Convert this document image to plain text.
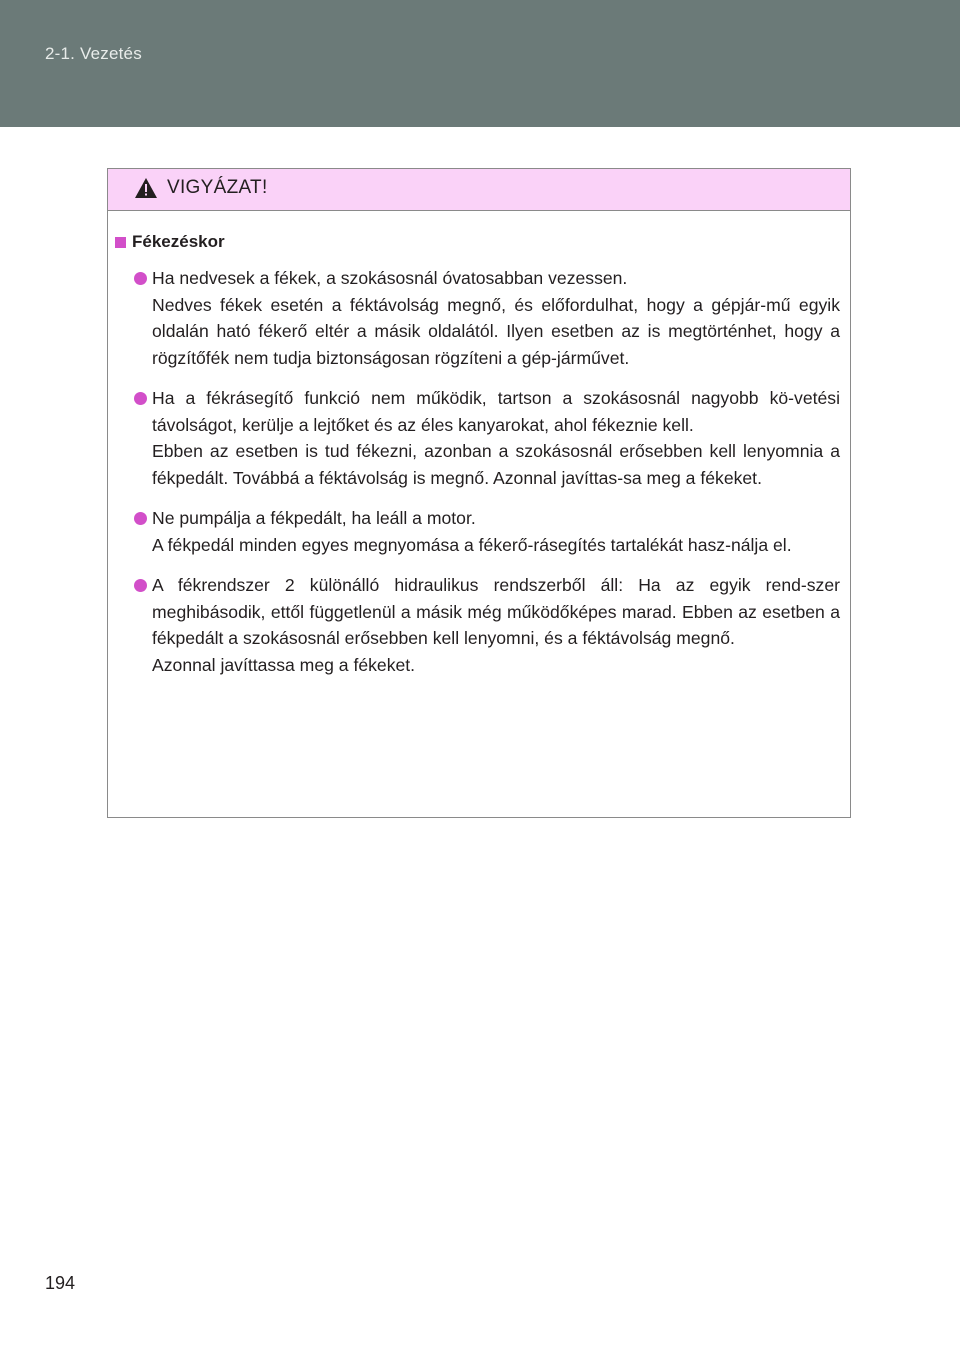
2-1. Vezetés
VIGYÁZAT!
Fékezéskor

Ha nedvesek a fékek, a szokásosnál óvatosabban vezessen.

Nedves fékek esetén a féktávolság megnő, és előfordulhat, hogy a gépjár-mű egyik oldalán ható fékerő eltér a másik oldalától. Ilyen esetben az is megtörténhet, hogy a rögzítőfék nem tudja biztonságosan rögzíteni a gép-járművet.

Ha a fékrásegítő funkció nem működik, tartson a szokásosnál nagyobb kö-vetési távolságot, kerülje a lejtőket és az éles kanyarokat, ahol fékeznie kell.

Ebben az esetben is tud fékezni, azonban a szokásosnál erősebben kell lenyomnia a fékpedált. Továbbá a féktávolság is megnő. Azonnal javíttas-sa meg a fékeket.

Ne pumpálja a fékpedált, ha leáll a motor.

A fékpedál minden egyes megnyomása a fékerő-rásegítés tartalékát hasz-nálja el.

A fékrendszer 2 különálló hidraulikus rendszerből áll: Ha az egyik rend-szer meghibásodik, ettől függetlenül a másik még működőképes marad. Ebben az esetben a fékpedált a szokásosnál erősebben kell lenyomni, és a féktávolság megnő.

Azonnal javíttassa meg a fékeket.

194
